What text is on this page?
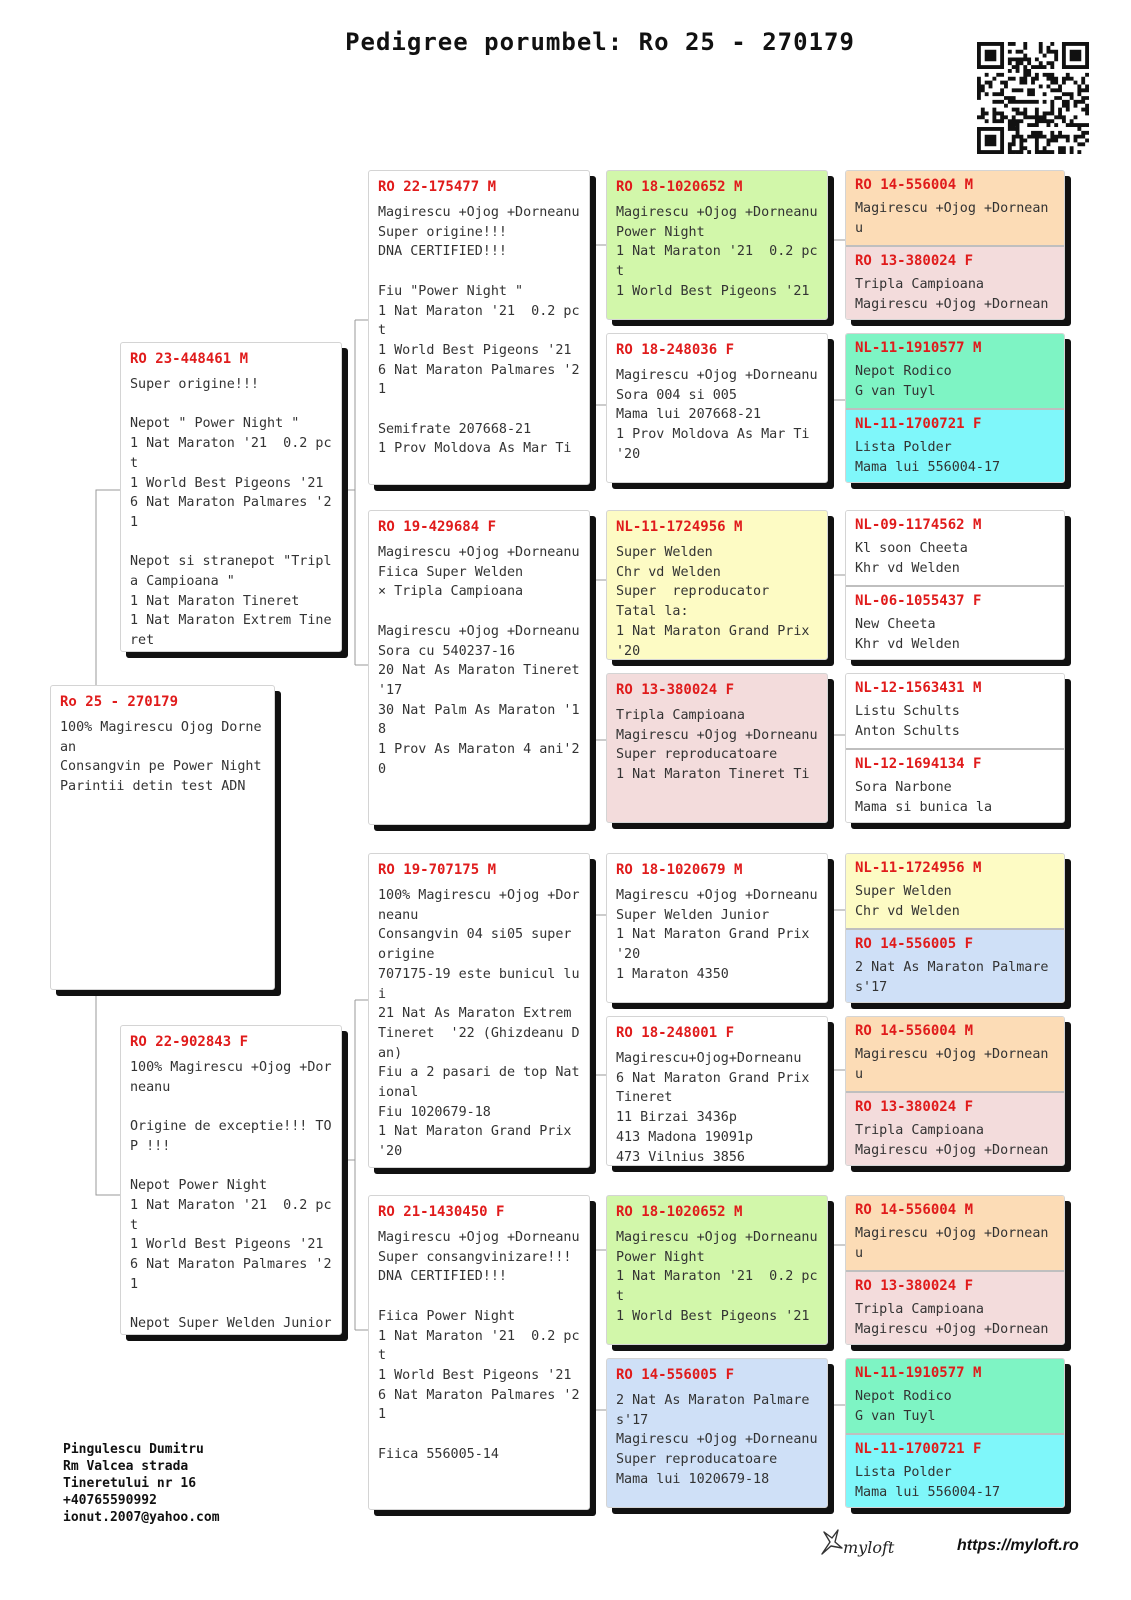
Pedigree porumbel: Ro 25 - 270179
Ro 25 - 270179
100% Magirescu Ojog Dornean
Consangvin pe Power Night
Parintii detin test ADN
RO 23-448461 M
Super origine!!!

Nepot " Power Night "
1 Nat Maraton '21  0.2 pct
1 World Best Pigeons '21
6 Nat Maraton Palmares '21

Nepot si stranepot "Tripla Campioana "
1 Nat Maraton Tineret
1 Nat Maraton Extrem Tineret
RO 22-902843 F
100% Magirescu +Ojog +Dorneanu

Origine de exceptie!!! TOP !!!

Nepot Power Night
1 Nat Maraton '21  0.2 pct
1 World Best Pigeons '21
6 Nat Maraton Palmares '21

Nepot Super Welden Junior
RO 22-175477 M
Magirescu +Ojog +Dorneanu
Super origine!!!
DNA CERTIFIED!!!

Fiu "Power Night "
1 Nat Maraton '21  0.2 pct
1 World Best Pigeons '21
6 Nat Maraton Palmares '21

Semifrate 207668-21
1 Prov Moldova As Mar Ti
RO 19-429684 F
Magirescu +Ojog +Dorneanu
Fiica Super Welden
× Tripla Campioana

Magirescu +Ojog +Dorneanu
Sora cu 540237-16
20 Nat As Maraton Tineret '17
30 Nat Palm As Maraton '18
1 Prov As Maraton 4 ani'20
RO 19-707175 M
100% Magirescu +Ojog +Dorneanu
Consangvin 04 si05 super origine
707175-19 este bunicul lui
21 Nat As Maraton Extrem Tineret  '22 (Ghizdeanu Dan)
Fiu a 2 pasari de top National
Fiu 1020679-18
1 Nat Maraton Grand Prix '20
RO 21-1430450 F
Magirescu +Ojog +Dorneanu
Super consangvinizare!!!
DNA CERTIFIED!!!

Fiica Power Night
1 Nat Maraton '21  0.2 pct
1 World Best Pigeons '21
6 Nat Maraton Palmares '21

Fiica 556005-14
RO 18-1020652 M
Magirescu +Ojog +Dorneanu
Power Night
1 Nat Maraton '21  0.2 pct
1 World Best Pigeons '21
RO 18-248036 F
Magirescu +Ojog +Dorneanu
Sora 004 si 005
Mama lui 207668-21
1 Prov Moldova As Mar Ti '20
NL-11-1724956 M
Super Welden
Chr vd Welden
Super  reproducator
Tatal la:
1 Nat Maraton Grand Prix '20
RO 13-380024 F
Tripla Campioana
Magirescu +Ojog +Dorneanu
Super reproducatoare
1 Nat Maraton Tineret Ti
RO 18-1020679 M
Magirescu +Ojog +Dorneanu
Super Welden Junior
1 Nat Maraton Grand Prix '20
1 Maraton 4350
RO 18-248001 F
Magirescu+Ojog+Dorneanu
6 Nat Maraton Grand Prix Tineret
11 Birzai 3436p
413 Madona 19091p
473 Vilnius 3856
RO 18-1020652 M
Magirescu +Ojog +Dorneanu
Power Night
1 Nat Maraton '21  0.2 pct
1 World Best Pigeons '21
RO 14-556005 F
2 Nat As Maraton Palmares'17
Magirescu +Ojog +Dorneanu
Super reproducatoare
Mama lui 1020679-18
RO 14-556004 M
Magirescu +Ojog +Dorneanu
RO 13-380024 F
Tripla Campioana
Magirescu +Ojog +Dornean
NL-11-1910577 M
Nepot Rodico
G van Tuyl
NL-11-1700721 F
Lista Polder
Mama lui 556004-17
NL-09-1174562 M
Kl soon Cheeta
Khr vd Welden
NL-06-1055437 F
New Cheeta
Khr vd Welden
NL-12-1563431 M
Listu Schults
Anton Schults
NL-12-1694134 F
Sora Narbone
Mama si bunica la
NL-11-1724956 M
Super Welden
Chr vd Welden
RO 14-556005 F
2 Nat As Maraton Palmares'17
RO 14-556004 M
Magirescu +Ojog +Dorneanu
RO 13-380024 F
Tripla Campioana
Magirescu +Ojog +Dornean
RO 14-556004 M
Magirescu +Ojog +Dorneanu
RO 13-380024 F
Tripla Campioana
Magirescu +Ojog +Dornean
NL-11-1910577 M
Nepot Rodico
G van Tuyl
NL-11-1700721 F
Lista Polder
Mama lui 556004-17
Pingulescu Dumitru
Rm Valcea strada
Tineretului nr 16
+40765590992
ionut.2007@yahoo.com
myloft	https://myloft.ro
